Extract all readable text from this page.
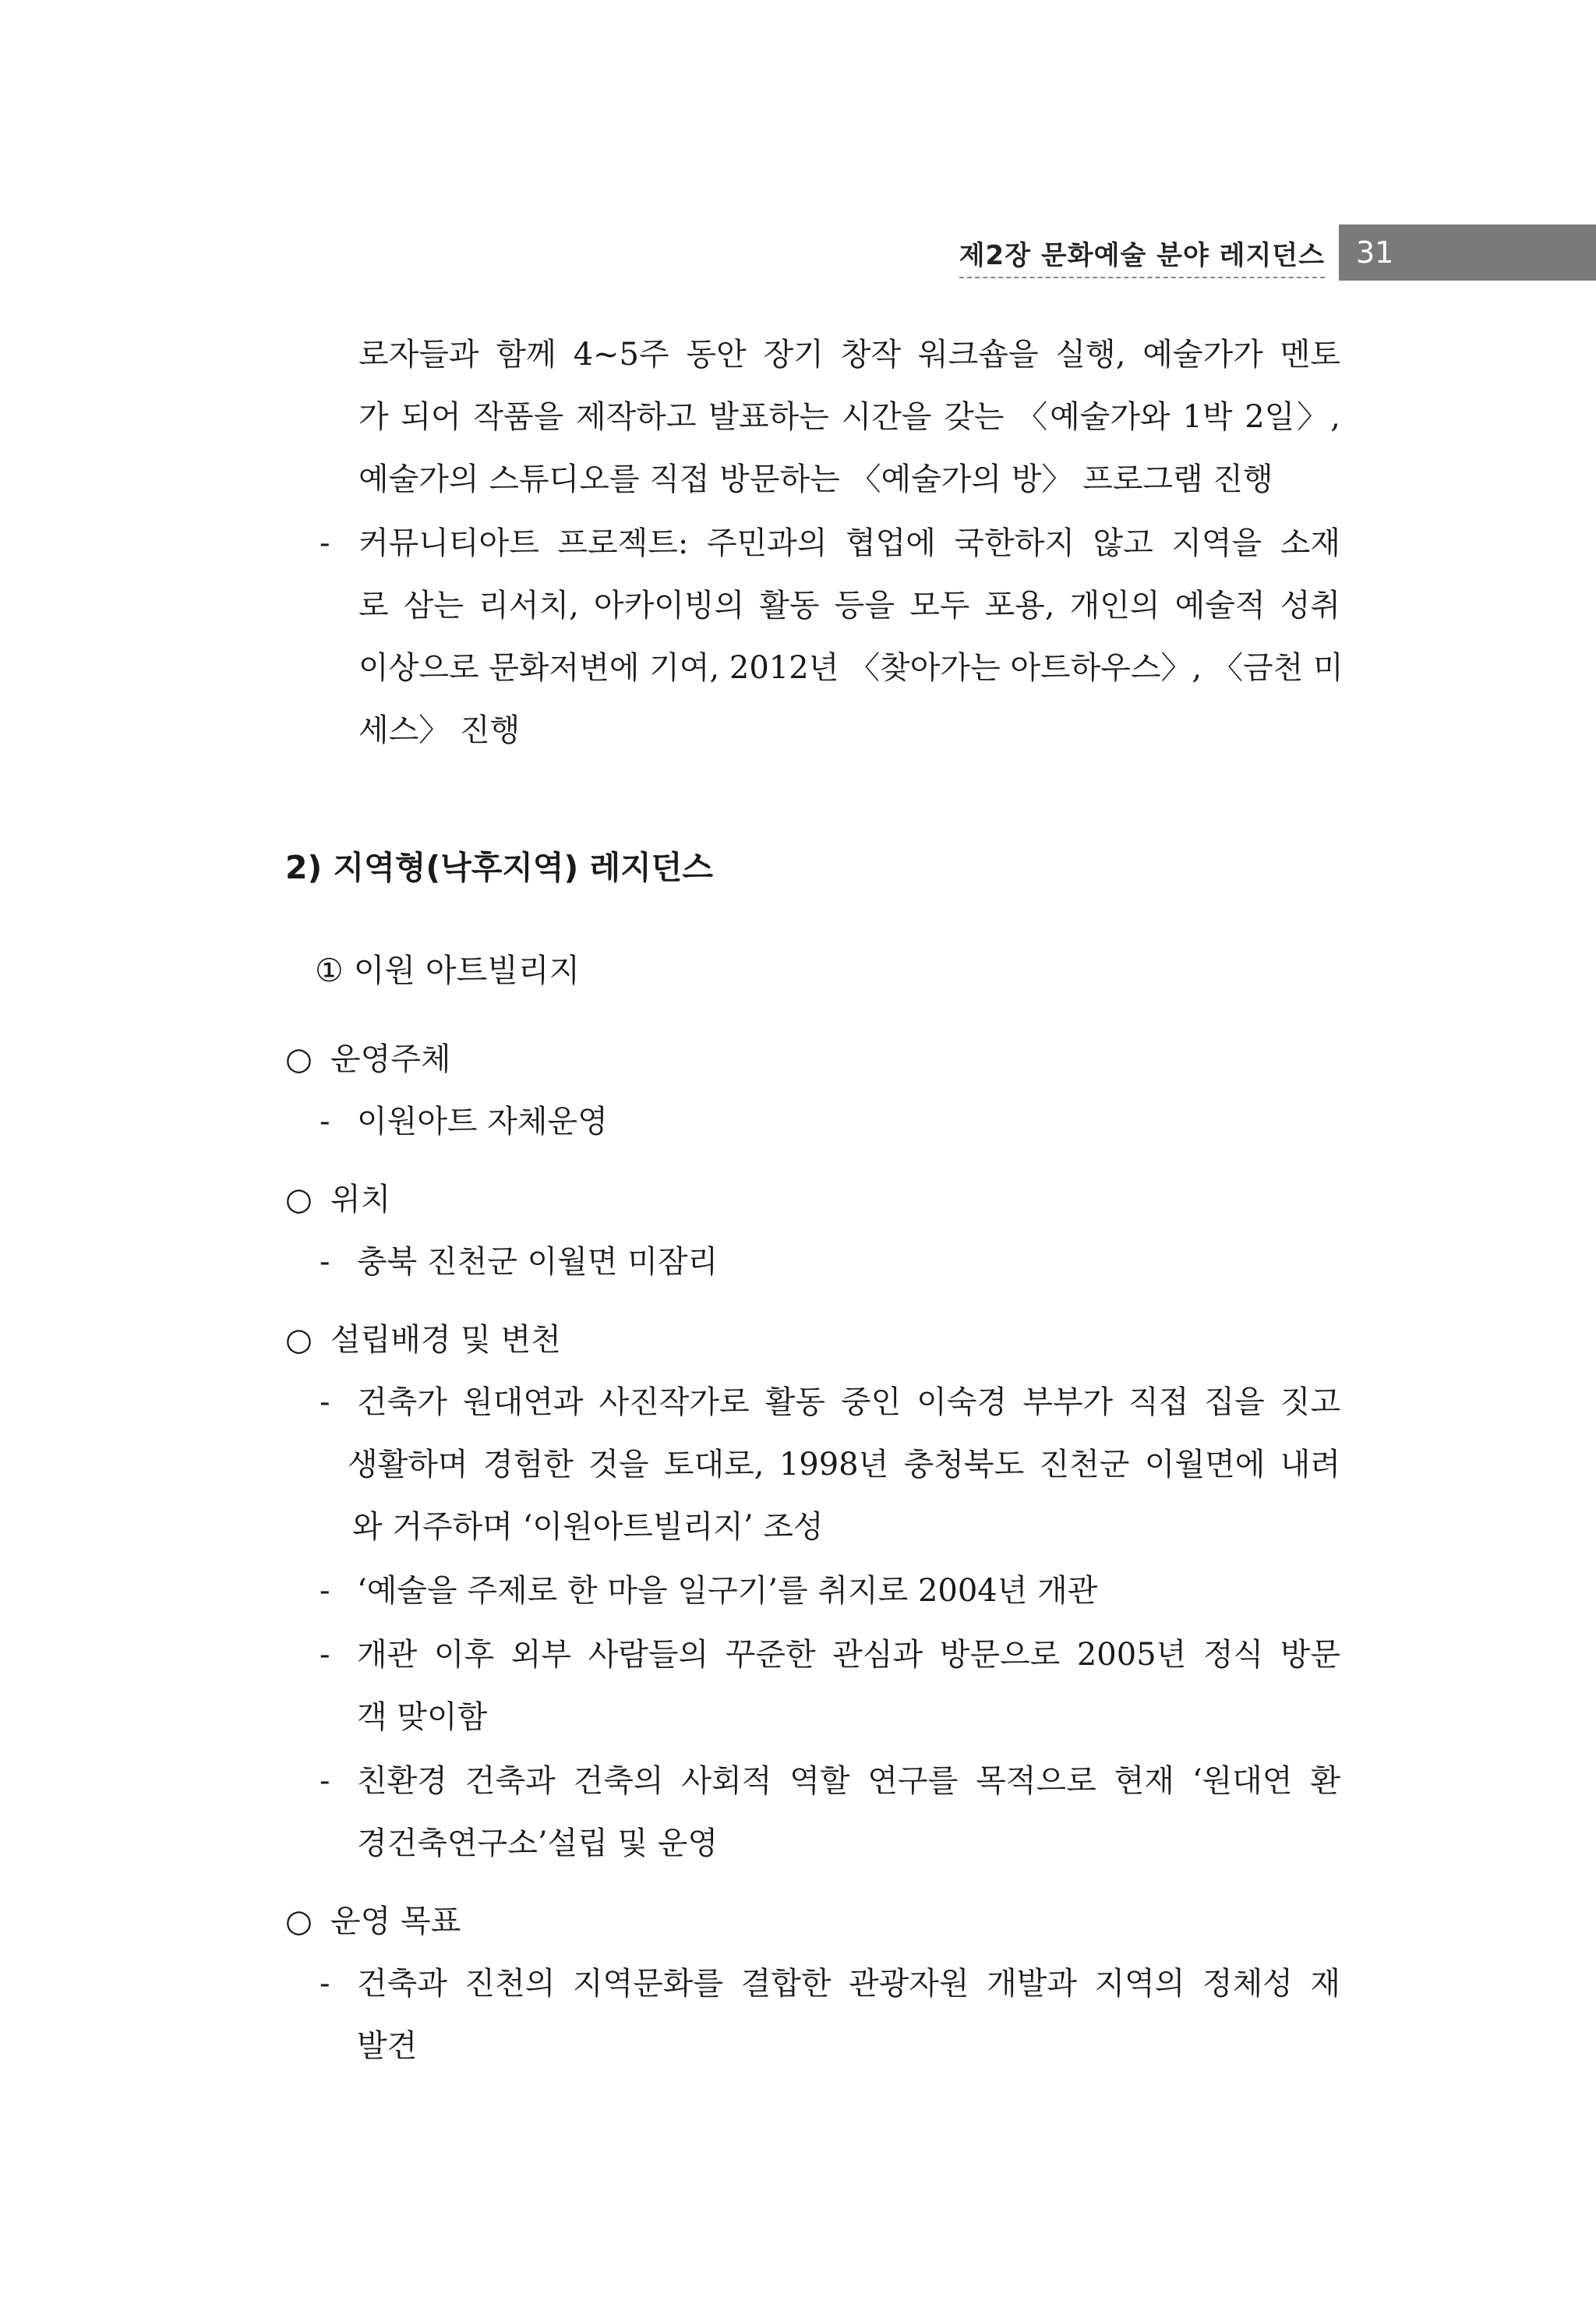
제2장 문화예술 분야 레지던스 31
로자들과 함께 4~5주 동안 장기 창작 워크숍을 실행, 예술가가 멘토
가 되어 작품을 제작하고 발표하는 시간을 갖는 〈예술가와 1박 2일〉,
예술가의 스튜디오를 직접 방문하는 〈예술가의 방〉 프로그램 진행
- 커뮤니티아트 프로젝트: 주민과의 협업에 국한하지 않고 지역을 소재
로 삼는 리서치, 아카이빙의 활동 등을 모두 포용, 개인의 예술적 성취
이상으로 문화저변에 기여, 2012년 〈찾아가는 아트하우스〉, 〈금천 미
세스〉 진행
2) 지역형(낙후지역) 레지던스
① 이원 아트빌리지
○ 운영주체
- 이원아트 자체운영
○ 위치
- 충북 진천군 이월면 미잠리
○ 설립배경 및 변천
- 건축가 원대연과 사진작가로 활동 중인 이숙경 부부가 직접 집을 짓고
생활하며 경험한 것을 토대로, 1998년 충청북도 진천군 이월면에 내려
와 거주하며 ‘이원아트빌리지’ 조성
- ‘예술을 주제로 한 마을 일구기’를 취지로 2004년 개관
- 개관 이후 외부 사람들의 꾸준한 관심과 방문으로 2005년 정식 방문
객 맞이함
- 친환경 건축과 건축의 사회적 역할 연구를 목적으로 현재 ‘원대연 환
경건축연구소’설립 및 운영
○ 운영 목표
- 건축과 진천의 지역문화를 결합한 관광자원 개발과 지역의 정체성 재
발견
